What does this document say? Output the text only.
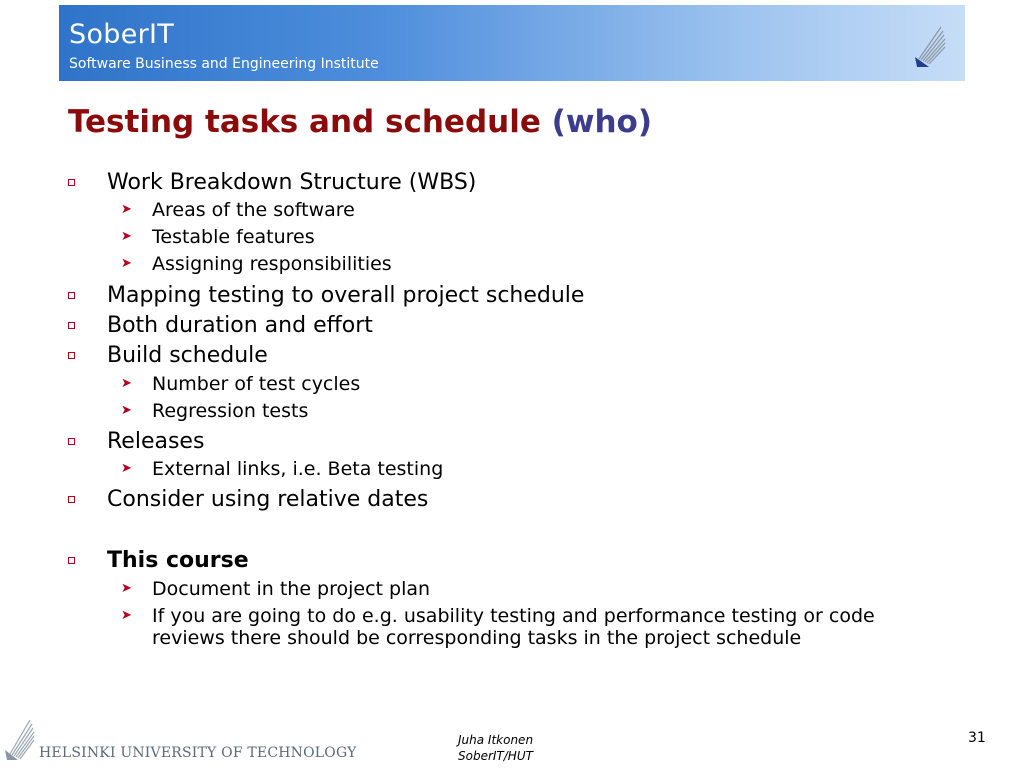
SoberIT
Software Business and Engineering Institute
Testing tasks and schedule (who)
Work Breakdown Structure (WBS)
➤ Areas of the software
➤ Testable features
➤ Assigning responsibilities
Mapping testing to overall project schedule
Both duration and effort
Build schedule
➤ Number of test cycles
➤ Regression tests
Releases
➤ External links, i.e. Beta testing
Consider using relative dates
This course
➤ Document in the project plan
➤ If you are going to do e.g. usability testing and performance testing or code reviews there should be corresponding tasks in the project schedule
HELSINKI UNIVERSITY OF TECHNOLOGY
Juha Itkonen
SoberIT/HUT
31
